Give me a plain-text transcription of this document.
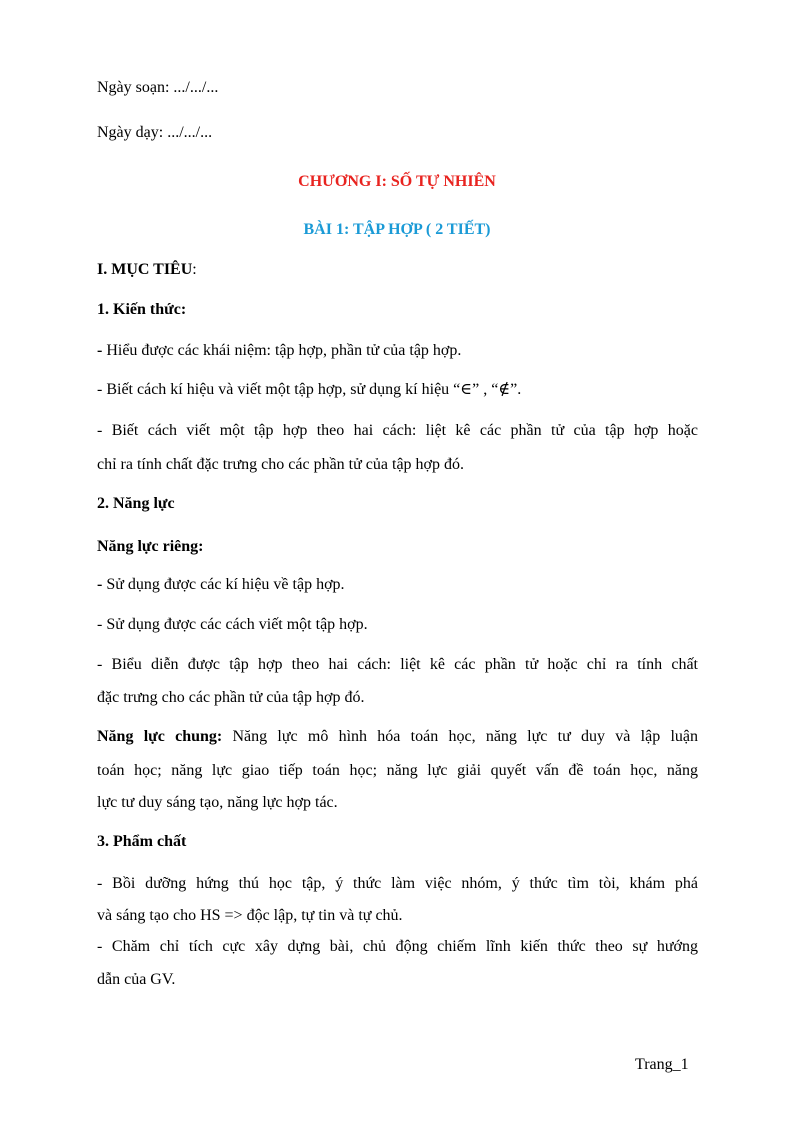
Ngày soạn: .../.../...
Ngày dạy: .../.../...
CHƯƠNG I: SỐ TỰ NHIÊN
BÀI 1: TẬP HỢP ( 2 TIẾT)
I. MỤC TIÊU:
1. Kiến thức:
- Hiểu được các khái niệm: tập hợp, phần tử của tập hợp.
- Biết cách kí hiệu và viết một tập hợp, sử dụng kí hiệu “∈” , “∉”.
- Biết cách viết một tập hợp theo hai cách: liệt kê các phần tử của tập hợp hoặc
chỉ ra tính chất đặc trưng cho các phần tử của tập hợp đó.
2. Năng lực
Năng lực riêng:
- Sử dụng được các kí hiệu về tập hợp.
- Sử dụng được các cách viết một tập hợp.
- Biểu diễn được tập hợp theo hai cách: liệt kê các phần tử hoặc chỉ ra tính chất
đặc trưng cho các phần tử của tập hợp đó.
Năng lực chung: Năng lực mô hình hóa toán học, năng lực tư duy và lập luận
toán học; năng lực giao tiếp toán học; năng lực giải quyết vấn đề toán học, năng
lực tư duy sáng tạo, năng lực hợp tác.
3. Phẩm chất
- Bồi dưỡng hứng thú học tập, ý thức làm việc nhóm, ý thức tìm tòi, khám phá
và sáng tạo cho HS => độc lập, tự tin và tự chủ.
- Chăm chỉ tích cực xây dựng bài, chủ động chiếm lĩnh kiến thức theo sự hướng
dẫn của GV.
Trang_1
